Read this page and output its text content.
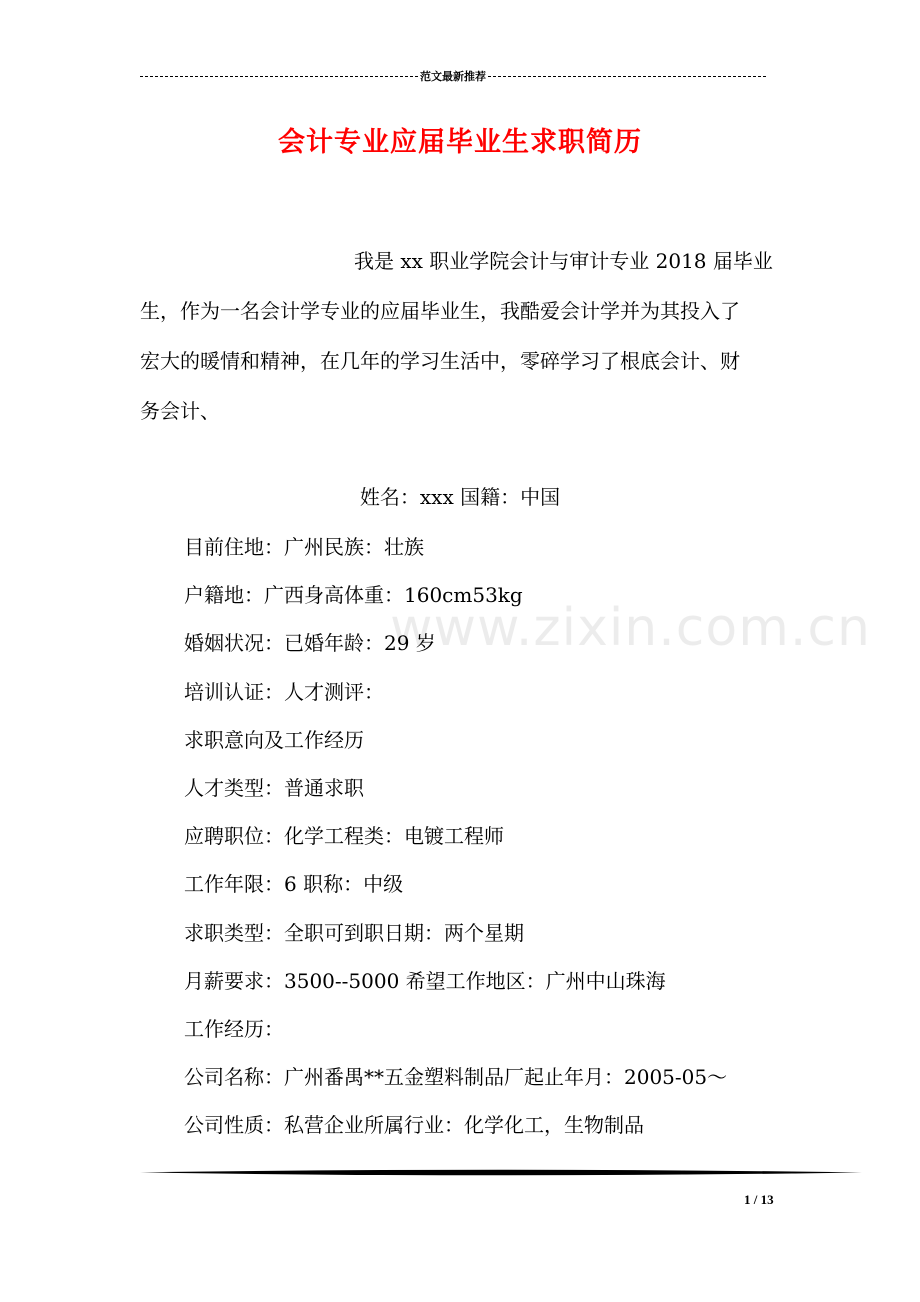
范文最新推荐
会计专业应届毕业生求职简历
我是 xx 职业学院会计与审计专业 2018 届毕业
生，作为一名会计学专业的应届毕业生，我酷爱会计学并为其投入了
宏大的暖情和精神，在几年的学习生活中，零碎学习了根底会计、财
务会计、
姓名：xxx 国籍：中国
目前住地：广州民族：壮族
户籍地：广西身高体重：160cm53kg
婚姻状况：已婚年龄：29 岁
培训认证：人才测评：
求职意向及工作经历
人才类型：普通求职
应聘职位：化学工程类：电镀工程师
工作年限：6 职称：中级
求职类型：全职可到职日期：两个星期
月薪要求：3500--5000 希望工作地区：广州中山珠海
工作经历：
公司名称：广州番禺**五金塑料制品厂起止年月：2005-05～
公司性质：私营企业所属行业：化学化工，生物制品
www.zixin.com.cn
1 / 13
